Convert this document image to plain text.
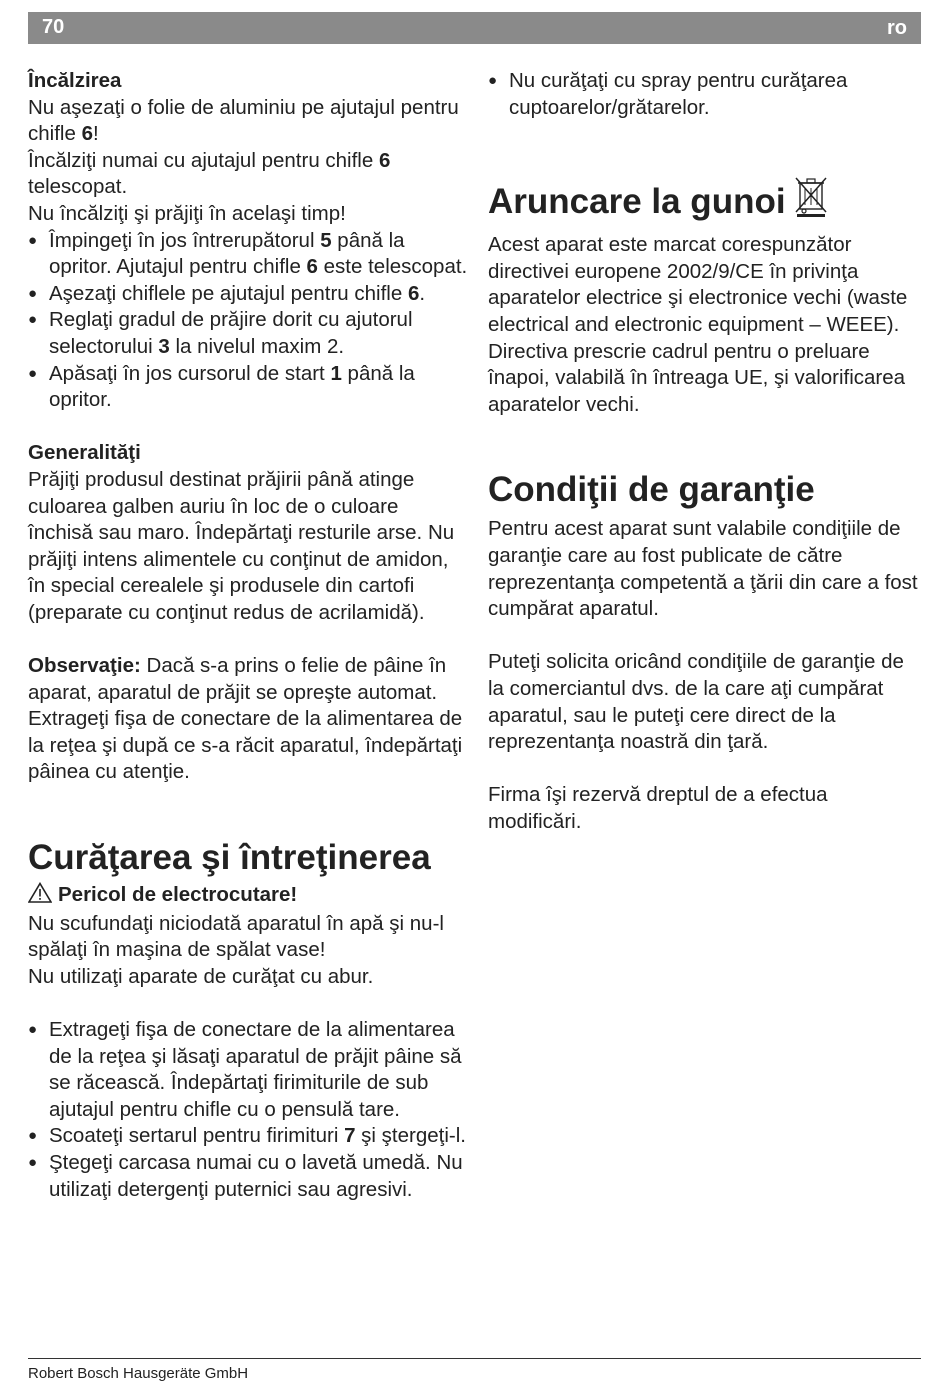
70	ro

Încălzirea

Nu aşezaţi o folie de aluminiu pe ajutajul pentru chifle 6!

Încălziţi numai cu ajutajul pentru chifle 6 telescopat.

Nu încălziţi şi prăjiţi în acelaşi timp!

● Împingeţi în jos întrerupătorul 5 până la opritor. Ajutajul pentru chifle 6 este telescopat.

● Aşezaţi chiflele pe ajutajul pentru chifle 6.

● Reglaţi gradul de prăjire dorit cu ajutorul selectorului 3 la nivelul maxim 2.

● Apăsaţi în jos cursorul de start 1 până la opritor.

Generalităţi

Prăjiţi produsul destinat prăjirii până atinge culoarea galben auriu în loc de o culoare închisă sau maro. Îndepărtaţi resturile arse. Nu prăjiţi intens alimentele cu conţinut de amidon, în special cerealele şi produsele din cartofi (preparate cu conţinut redus de acrilamidă).

Observaţie: Dacă s-a prins o felie de pâine în aparat, aparatul de prăjit se opreşte automat. Extrageţi fişa de conectare de la alimentarea de la reţea şi după ce s-a răcit aparatul, îndepărtaţi pâinea cu atenţie.

Curăţarea şi întreţinerea

Pericol de electrocutare!

Nu scufundaţi niciodată aparatul în apă şi nu-l spălaţi în maşina de spălat vase!

Nu utilizaţi aparate de curăţat cu abur.

● Extrageţi fişa de conectare de la alimentarea de la reţea şi lăsaţi aparatul de prăjit pâine să se răcească. Îndepărtaţi firimiturile de sub ajutajul pentru chifle cu o pensulă tare.

● Scoateţi sertarul pentru firimituri 7 şi ştergeţi-l.

● Ştegeţi carcasa numai cu o lavetă umedă. Nu utilizaţi detergenţi puternici sau agresivi.

● Nu curăţaţi cu spray pentru curăţarea cuptoarelor/grătarelor.

Aruncare la gunoi

Acest aparat este marcat corespunzător directivei europene 2002/9/CE în privinţa aparatelor electrice şi electronice vechi (waste electrical and electronic equipment – WEEE).

Directiva prescrie cadrul pentru o preluare înapoi, valabilă în întreaga UE, şi valorificarea aparatelor vechi.

Condiţii de garanţie

Pentru acest aparat sunt valabile condiţiile de garanţie care au fost publicate de către reprezentanţa competentă a ţării din care a fost cumpărat aparatul.

Puteţi solicita oricând condiţiile de garanţie de la comerciantul dvs. de la care aţi cumpărat aparatul, sau le puteţi cere direct de la reprezentanţa noastră din ţară.

Firma îşi rezervă dreptul de a efectua modificări.

Robert Bosch Hausgeräte GmbH
